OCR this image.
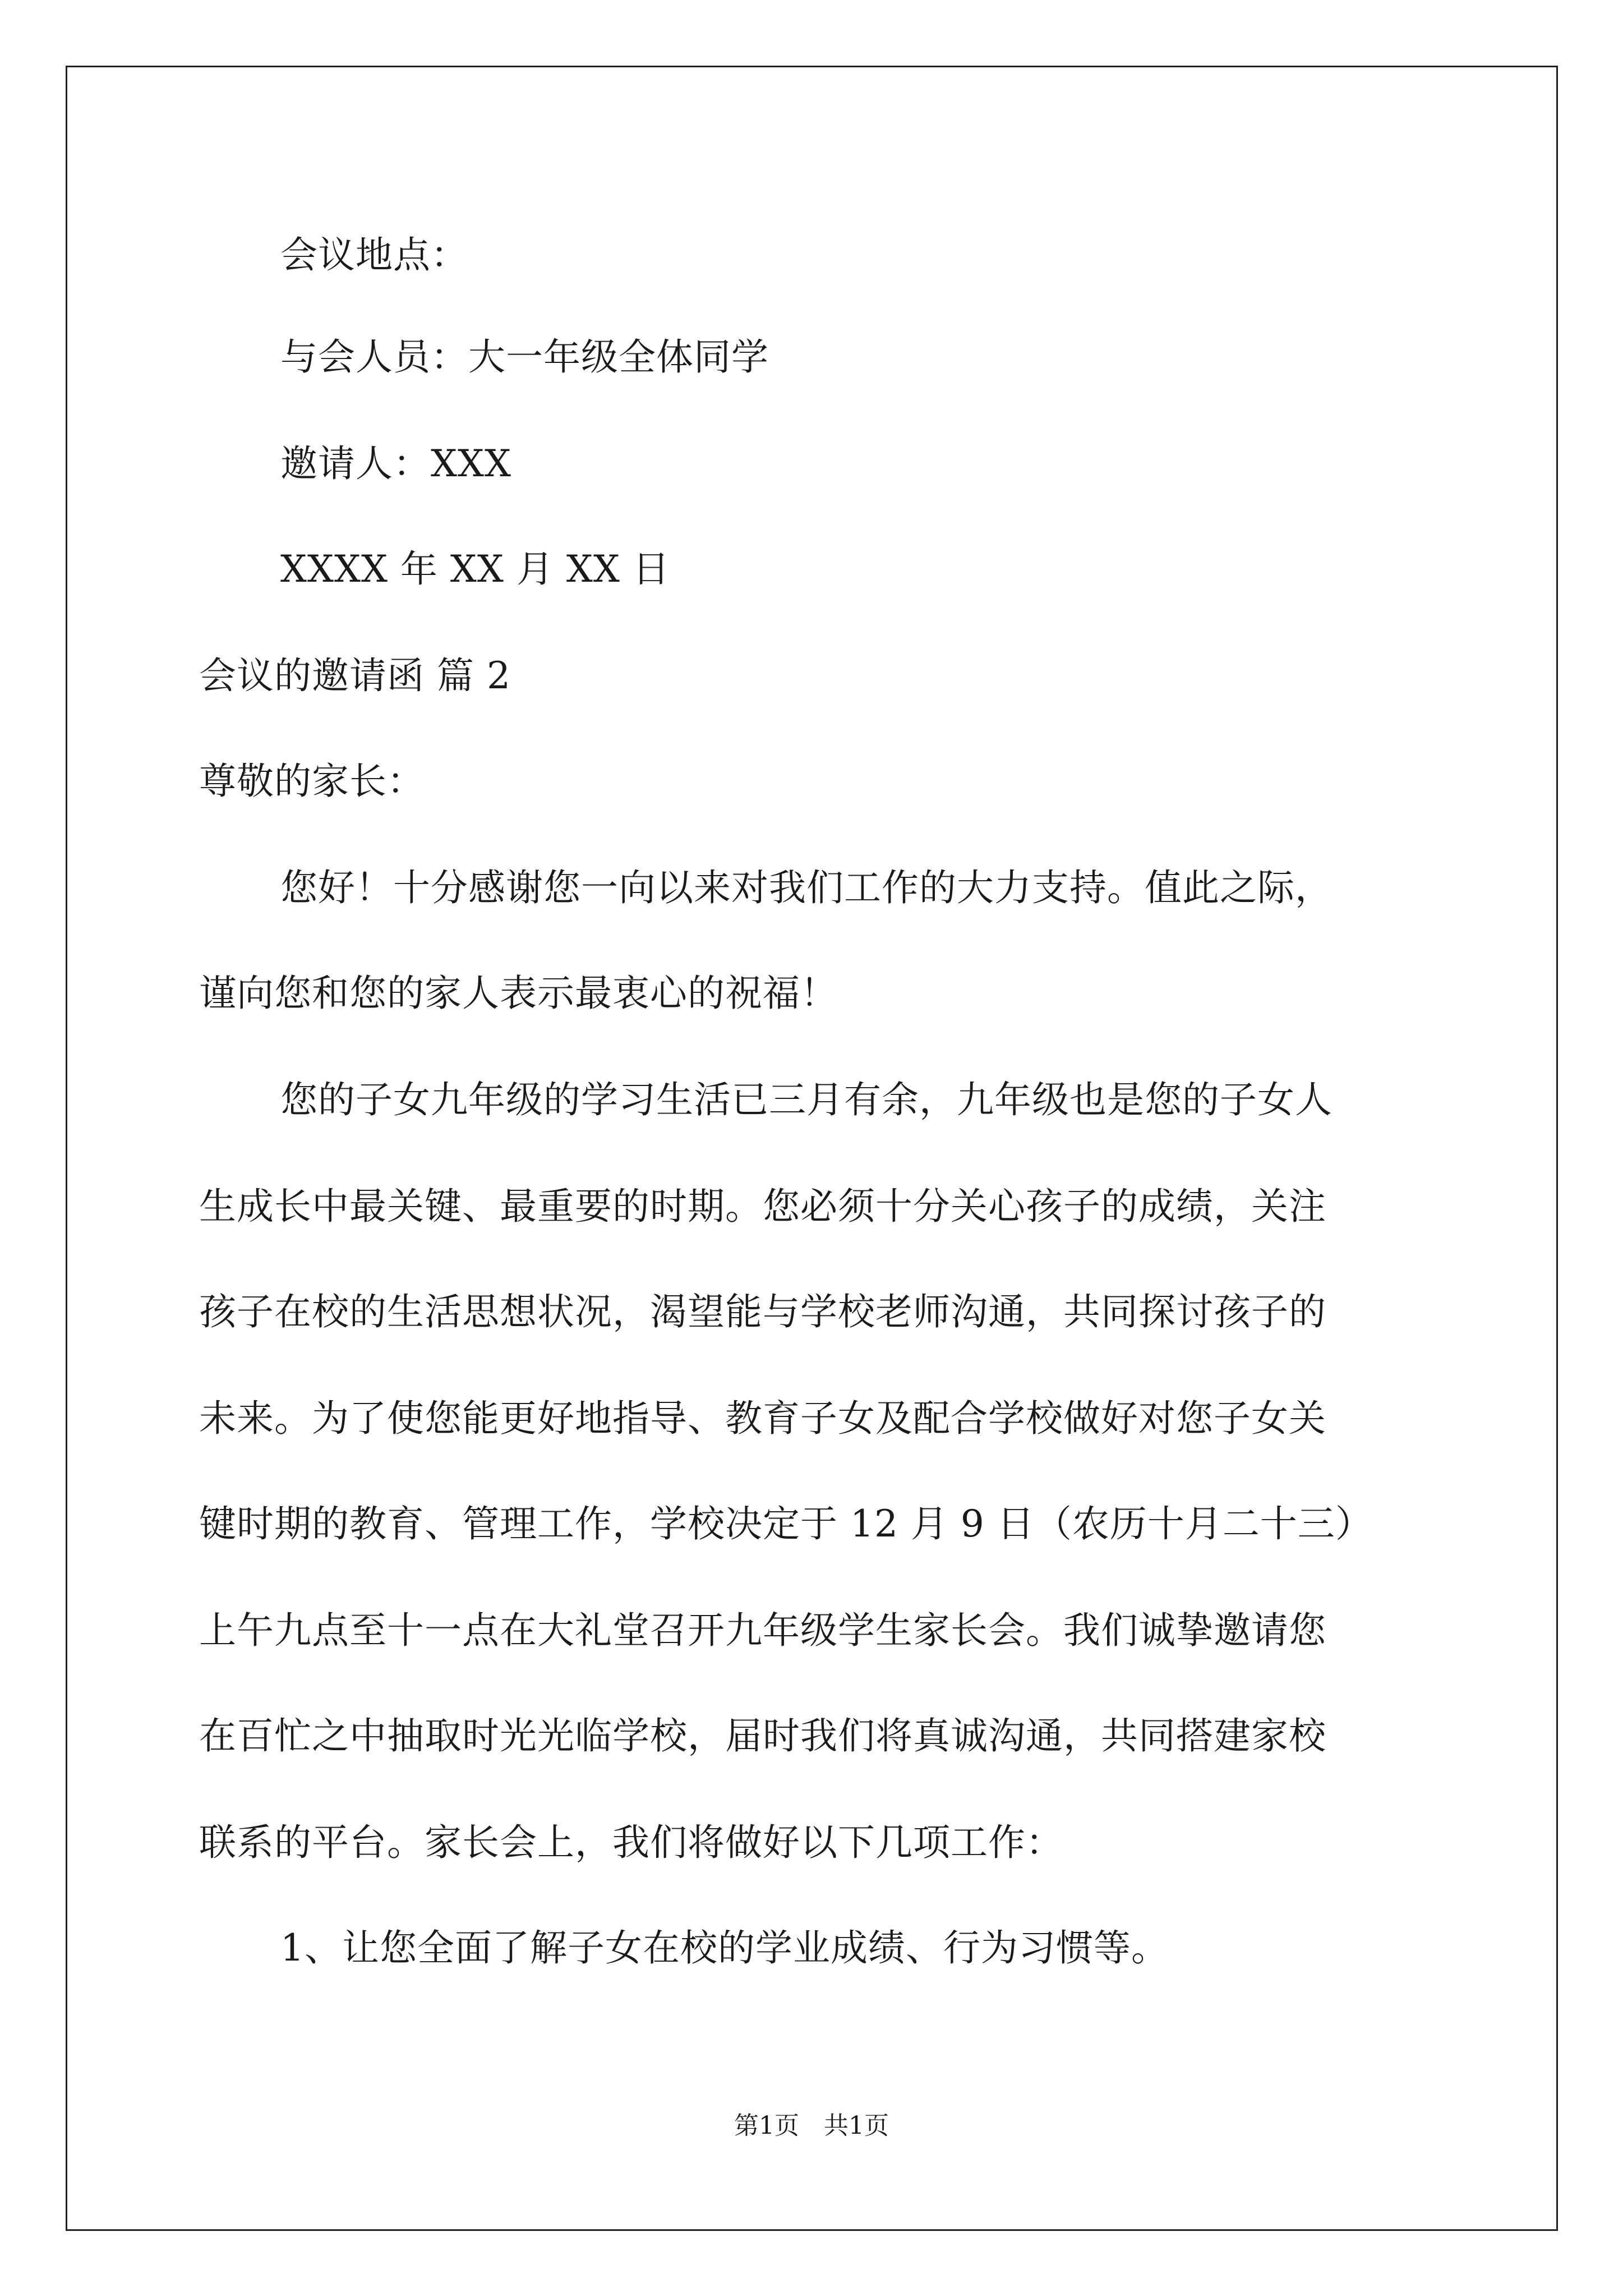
会议地点：
与会人员：大一年级全体同学
邀请人：XXX
XXXX 年 XX 月 XX 日
会议的邀请函 篇 2
尊敬的家长：
您好！十分感谢您一向以来对我们工作的大力支持。值此之际，
谨向您和您的家人表示最衷心的祝福！
您的子女九年级的学习生活已三月有余，九年级也是您的子女人
生成长中最关键、最重要的时期。您必须十分关心孩子的成绩，关注
孩子在校的生活思想状况，渴望能与学校老师沟通，共同探讨孩子的
未来。为了使您能更好地指导、教育子女及配合学校做好对您子女关
键时期的教育、管理工作，学校决定于 12 月 9 日（农历十月二十三）
上午九点至十一点在大礼堂召开九年级学生家长会。我们诚挚邀请您
在百忙之中抽取时光光临学校，届时我们将真诚沟通，共同搭建家校
联系的平台。家长会上，我们将做好以下几项工作：
1、让您全面了解子女在校的学业成绩、行为习惯等。
第1页　共1页
